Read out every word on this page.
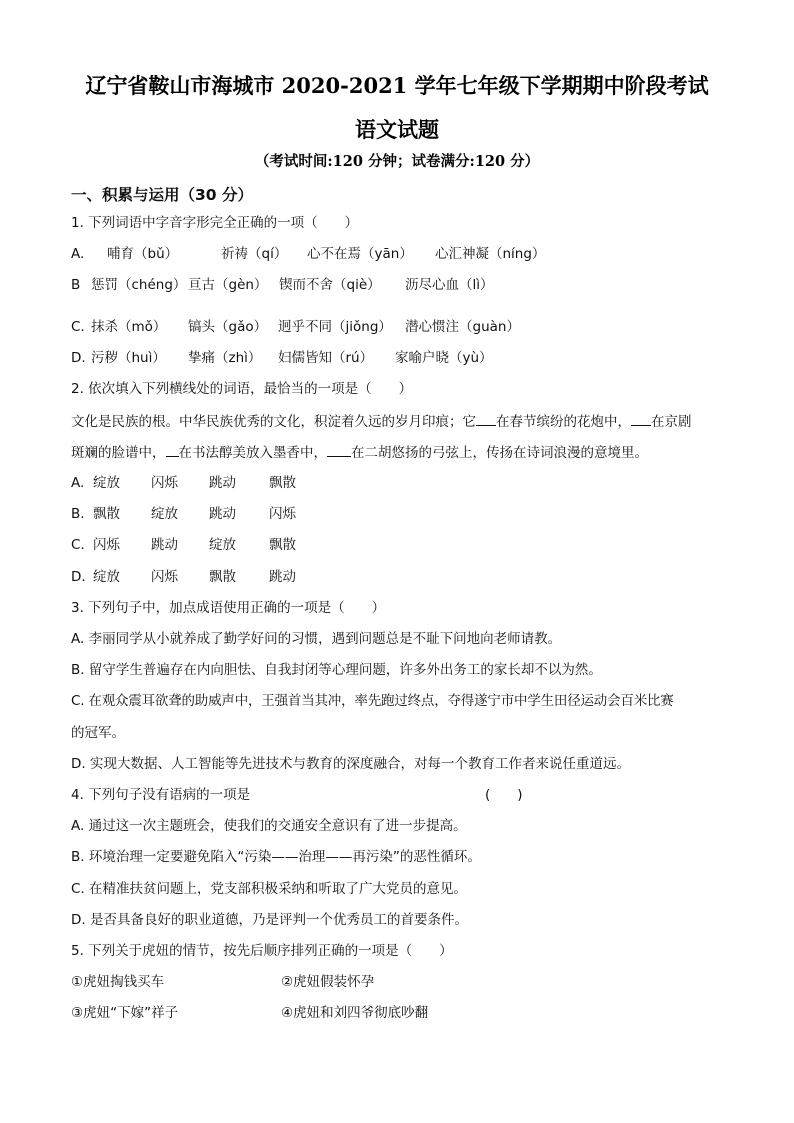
辽宁省鞍山市海城市 2020-2021 学年七年级下学期期中阶段考试
语文试题
（考试时间:120 分钟；试卷满分:120 分）
一、积累与运用（30 分）
1. 下列词语中字音字形完全正确的一项（　　）
A. 哺育（bǔ）	祈祷（qí） 心不在焉（yān） 心汇神凝（níng）
B 惩罚（chéng） 亘古（gèn） 锲而不舍（qiè） 沥尽心血（lì）
C. 抹杀（mǒ） 镐头（gǎo） 迥乎不同（jiǒng） 潜心惯注（guàn）
D. 污秽（huì） 挚痛（zhì） 妇儒皆知（rú） 家喻户晓（yù）
2. 依次填入下列横线处的词语，最恰当的一项是（　　）
文化是民族的根。中华民族优秀的文化，积淀着久远的岁月印痕；它 在春节缤纷的花炮中， 在京剧
斑斓的脸谱中， 在书法醇美放入墨香中， 在二胡悠扬的弓弦上，传扬在诗词浪漫的意境里。
A. 绽放 闪烁 跳动 飘散
B. 飘散 绽放 跳动 闪烁
C. 闪烁 跳动 绽放 飘散
D. 绽放 闪烁 飘散 跳动
3. 下列句子中，加点成语使用正确的一项是（　　）
A. 李丽同学从小就养成了勤学好问的习惯，遇到问题总是不耻下问地向老师请教。
B. 留守学生普遍存在内向胆怯、自我封闭等心理问题，许多外出务工的家长却不以为然。
C. 在观众震耳欲聋的助威声中，王强首当其冲，率先跑过终点，夺得遂宁市中学生田径运动会百米比赛
的冠军。
D. 实现大数据、人工智能等先进技术与教育的深度融合，对每一个教育工作者来说任重道远。
4. 下列句子没有语病的一项是	(　　)
A. 通过这一次主题班会，使我们的交通安全意识有了进一步提高。
B. 环境治理一定要避免陷入“污染——治理——再污染”的恶性循环。
C. 在精准扶贫问题上，党支部积极采纳和听取了广大党员的意见。
D. 是否具备良好的职业道德，乃是评判一个优秀员工的首要条件。
5. 下列关于虎妞的情节，按先后顺序排列正确的一项是（　　）
①虎妞掏钱买车	②虎妞假装怀孕
③虎妞“下嫁”祥子	④虎妞和刘四爷彻底吵翻
